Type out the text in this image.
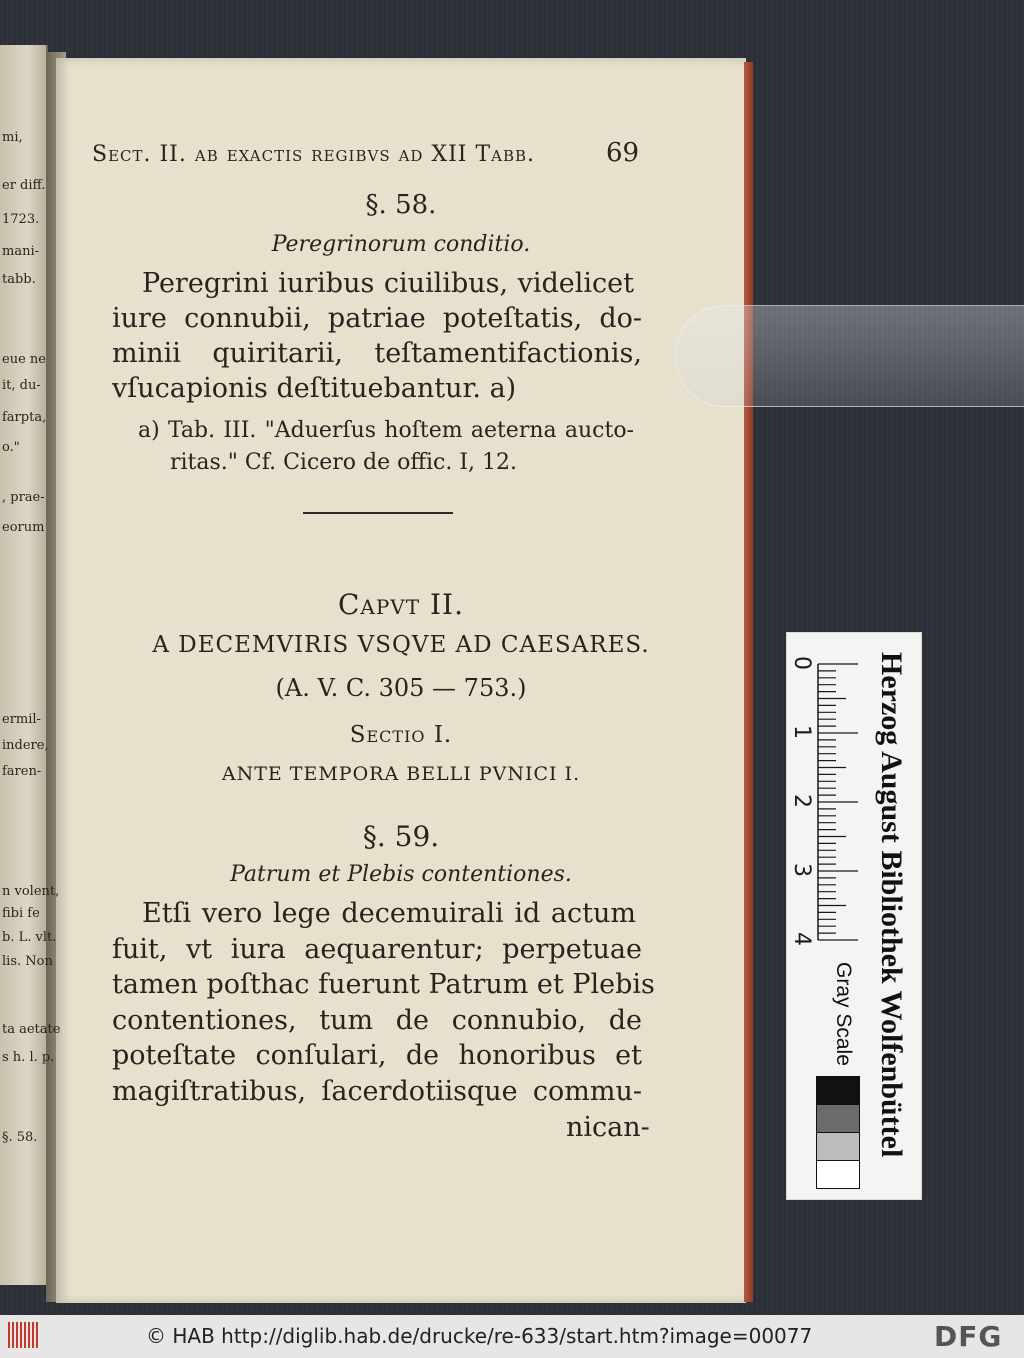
Sect. II. ab exactis regibvs ad XII Tabb.	69
§. 58.
Peregrinorum conditio.
Peregrini iuribus ciuilibus, videlicet
iure connubii, patriae poteſtatis, do-
minii quiritarii, teſtamentifactionis,
vſucapionis deſtituebantur. a)
a) Tab. III. "Aduerſus hoſtem aeterna aucto-
ritas." Cf. Cicero de offic. I, 12.
Capvt II.
A DECEMVIRIS VSQVE AD CAESARES.
(A. V. C. 305 — 753.)
Sectio I.
ANTE TEMPORA BELLI PVNICI I.
§. 59.
Patrum et Plebis contentiones.
Etſi vero lege decemuirali id actum
fuit, vt iura aequarentur; perpetuae
tamen poſthac fuerunt Patrum et Plebis
contentiones, tum de connubio, de
poteſtate conſulari, de honoribus et
magiſtratibus, ſacerdotiisque commu-
nican-
mi,
er diff.
1723.
mani-
tabb.
eue ne
it, du-
farpta,
o."
, prae-
eorum
ermil-
indere,
faren-
n volent,
fibi fe
b. L. vlt.
lis. Non
ta aetate
s h. l. p.
§. 58.
0
1
2
3
4 Herzog August Bibliothek Wolfenbüttel
Gray Scale
© HAB http://diglib.hab.de/drucke/re-633/start.htm?image=00077	DFG
